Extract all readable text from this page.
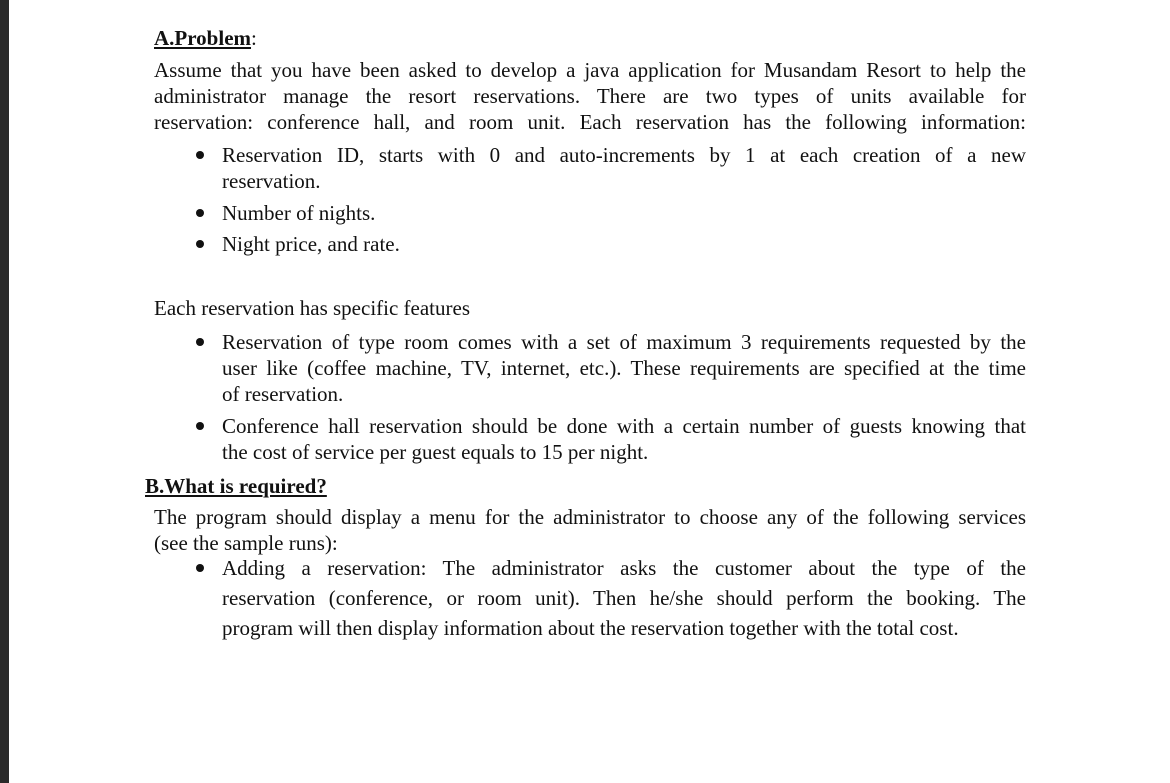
A.Problem:
Assume that you have been asked to develop a java application for Musandam Resort to help the
administrator manage the resort reservations. There are two types of units available for
reservation: conference hall, and room unit. Each reservation has the following information:
Reservation ID, starts with 0 and auto-increments by 1 at each creation of a new
reservation.
Number of nights.
Night price, and rate.
Each reservation has specific features
Reservation of type room comes with a set of maximum 3 requirements requested by the
user like (coffee machine, TV, internet, etc.). These requirements are specified at the time
of reservation.
Conference hall reservation should be done with a certain number of guests knowing that
the cost of service per guest equals to 15 per night.
B.What is required?
The program should display a menu for the administrator to choose any of the following services
(see the sample runs):
Adding a reservation: The administrator asks the customer about the type of the
reservation (conference, or room unit). Then he/she should perform the booking. The
program will then display information about the reservation together with the total cost.
